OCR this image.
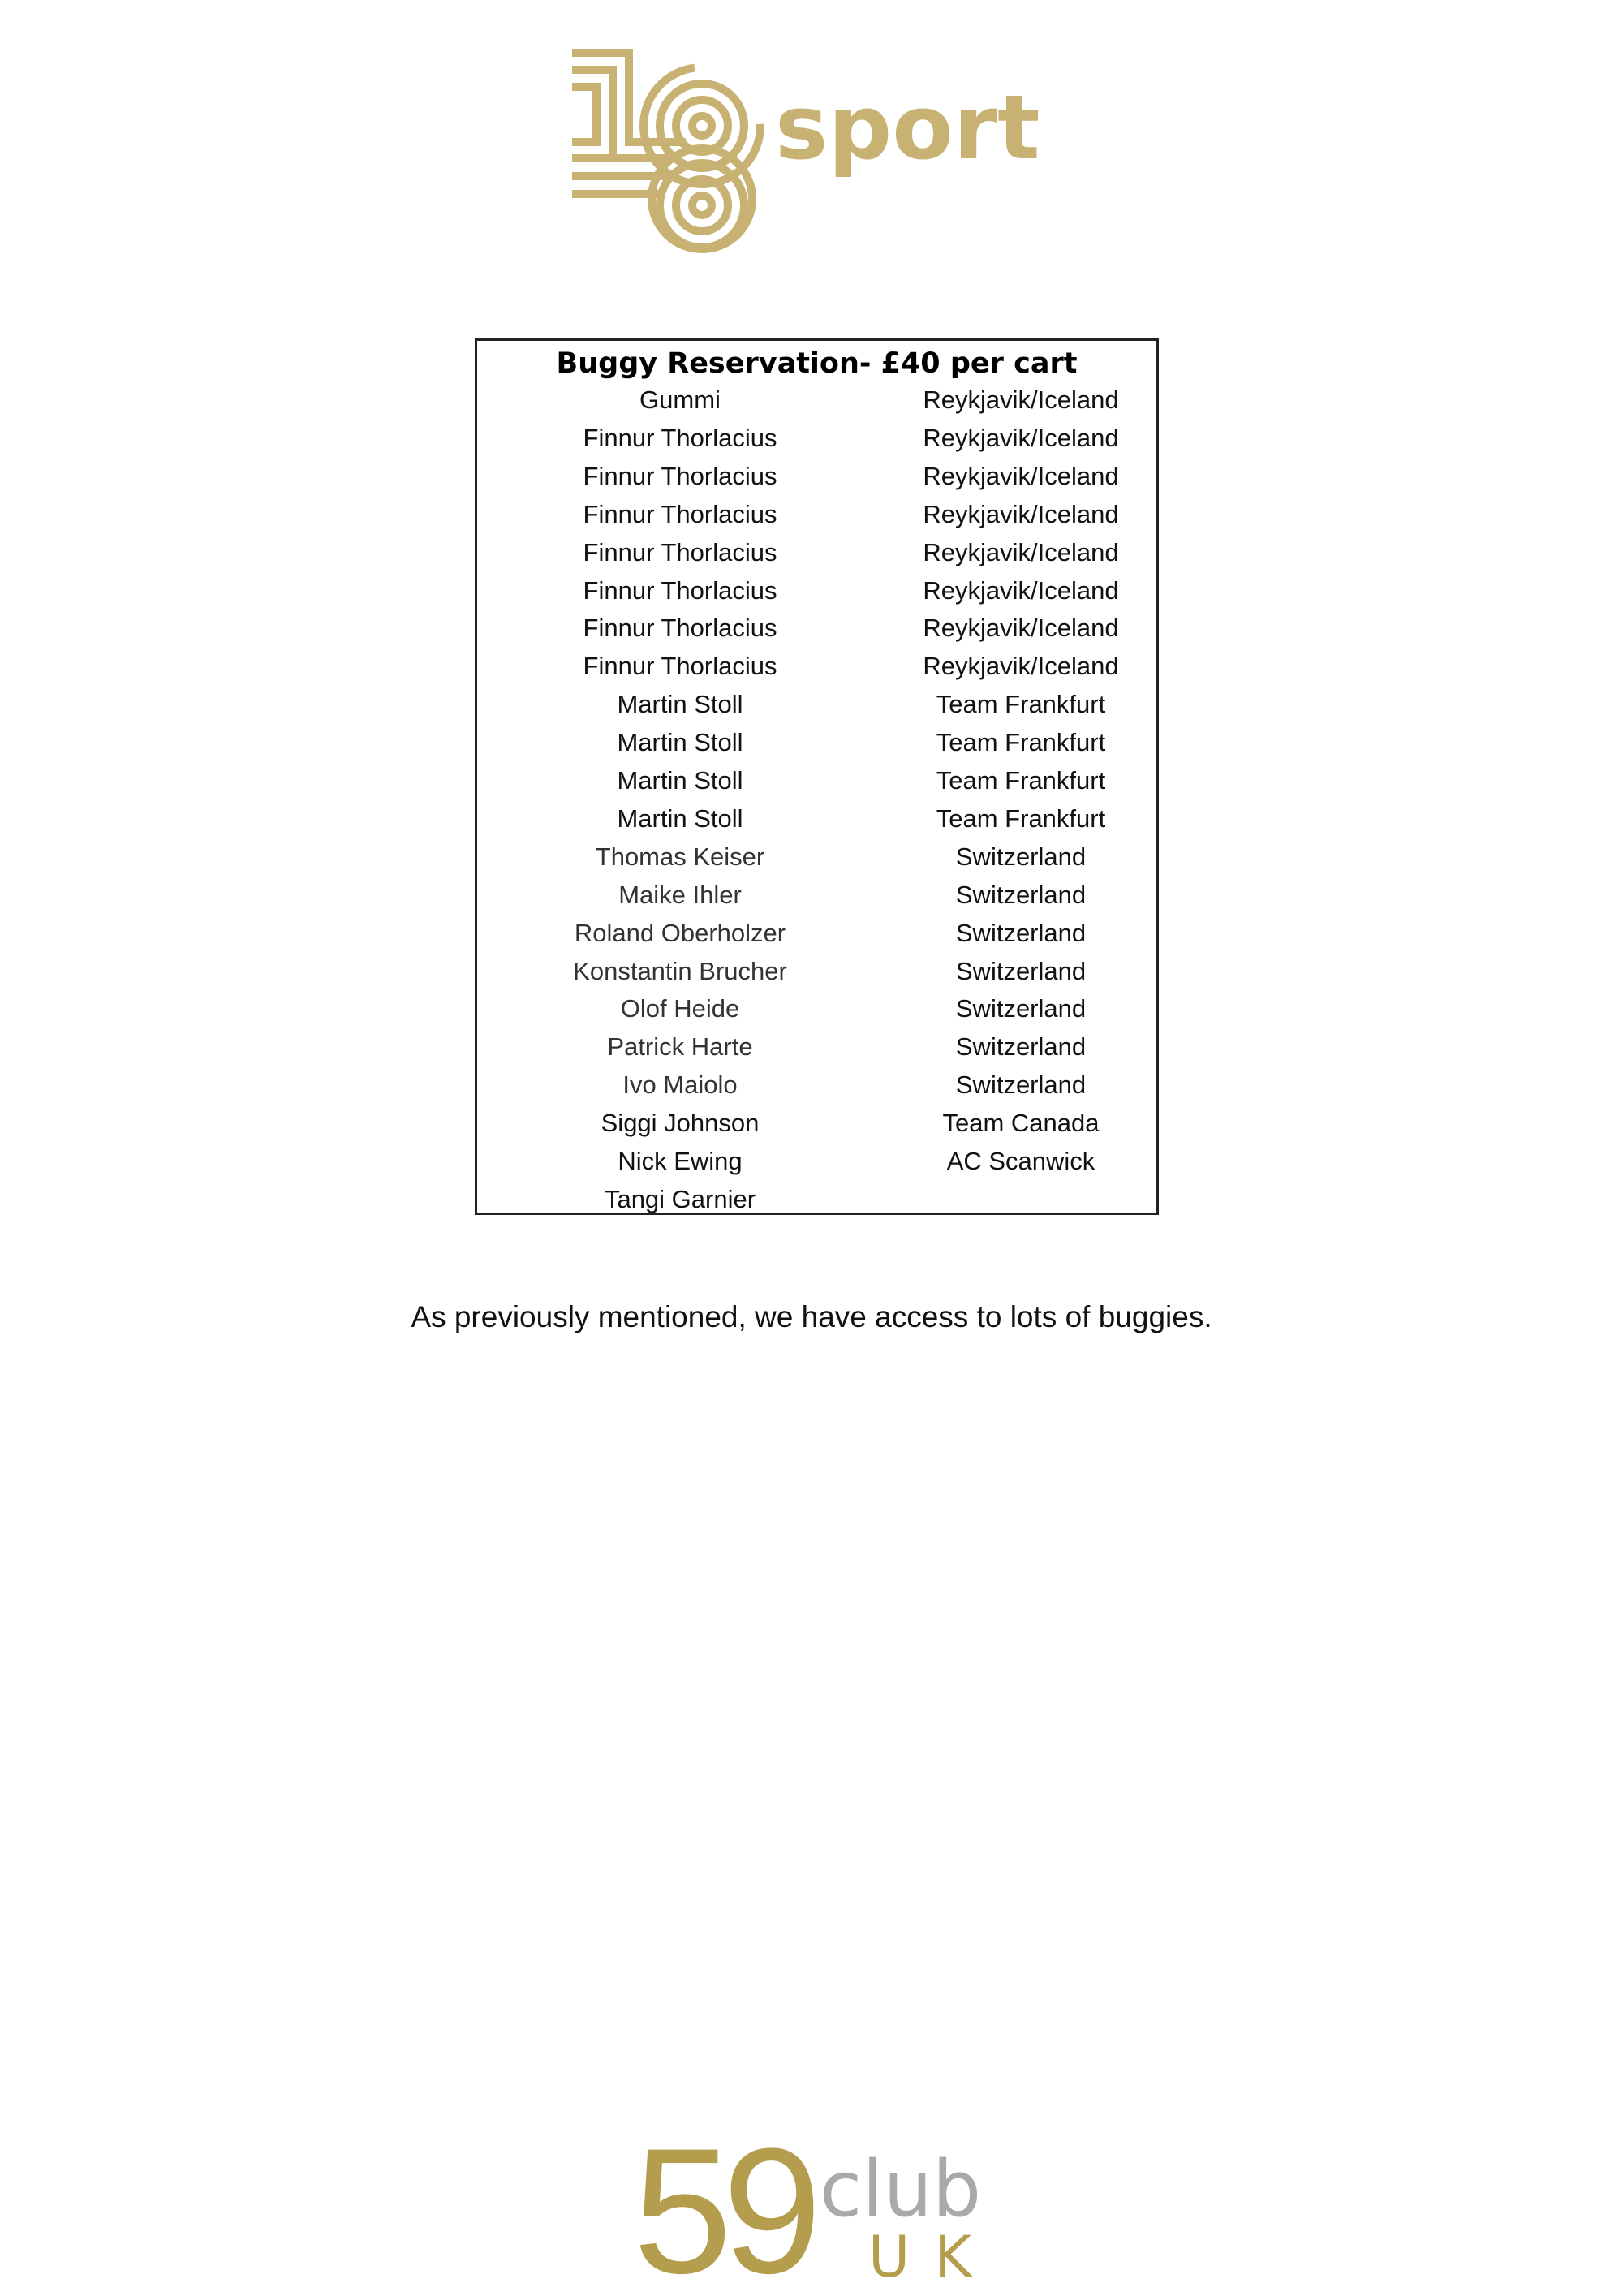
sport
Buggy Reservation- £40 per cart
Gummi	Reykjavik/Iceland
Finnur Thorlacius	Reykjavik/Iceland
Finnur Thorlacius	Reykjavik/Iceland
Finnur Thorlacius	Reykjavik/Iceland
Finnur Thorlacius	Reykjavik/Iceland
Finnur Thorlacius	Reykjavik/Iceland
Finnur Thorlacius	Reykjavik/Iceland
Finnur Thorlacius	Reykjavik/Iceland
Martin Stoll	Team Frankfurt
Martin Stoll	Team Frankfurt
Martin Stoll	Team Frankfurt
Martin Stoll	Team Frankfurt
Thomas Keiser	Switzerland
Maike Ihler	Switzerland
Roland Oberholzer	Switzerland
Konstantin Brucher	Switzerland
Olof Heide	Switzerland
Patrick Harte	Switzerland
Ivo Maiolo	Switzerland
Siggi Johnson	Team Canada
Nick Ewing	AC Scanwick
Tangi Garnier
As previously mentioned, we have access to lots of buggies.
59 club
UK
